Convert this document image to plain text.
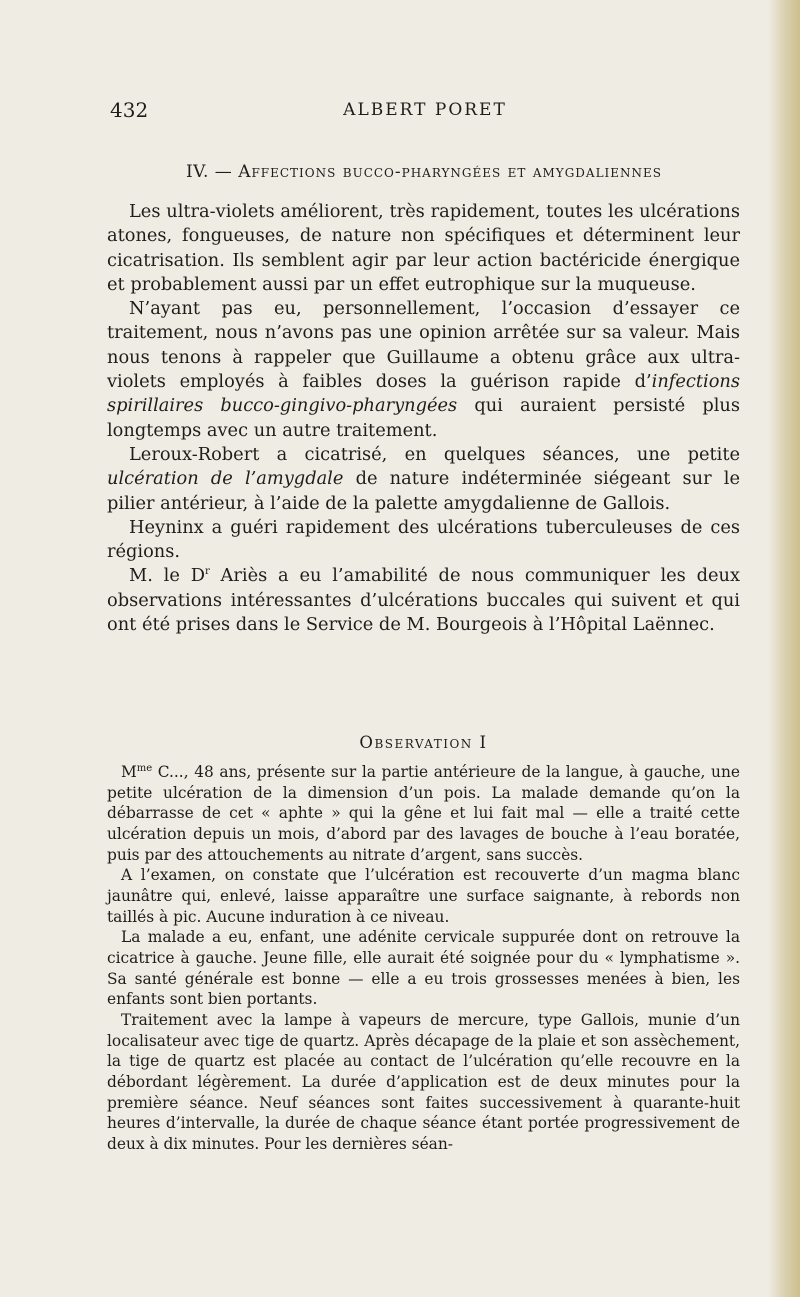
432	ALBERT PORET
IV. — Affections bucco-pharyngées et amygdaliennes

Les ultra-violets améliorent, très rapidement, toutes les ulcérations atones, fongueuses, de nature non spécifiques et déterminent leur cicatrisation. Ils semblent agir par leur action bactéricide énergique et probablement aussi par un effet eutrophique sur la muqueuse.

N’ayant pas eu, personnellement, l’occasion d’essayer ce traitement, nous n’avons pas une opinion arrêtée sur sa valeur. Mais nous tenons à rappeler que Guillaume a obtenu grâce aux ultra-violets employés à faibles doses la guérison rapide d’infections spirillaires bucco-gingivo-pharyngées qui auraient persisté plus longtemps avec un autre traitement.

Leroux-Robert a cicatrisé, en quelques séances, une petite ulcération de l’amygdale de nature indéterminée siégeant sur le pilier antérieur, à l’aide de la palette amygdalienne de Gallois.

Heyninx a guéri rapidement des ulcérations tuberculeuses de ces régions.

M. le $D^r$ Ariès a eu l’amabilité de nous communiquer les deux observations intéressantes d’ulcérations buccales qui suivent et qui ont été prises dans le Service de M. Bourgeois à l’Hôpital Laënnec.

Observation I

$M^{me}$ C..., 48 ans, présente sur la partie antérieure de la langue, à gauche, une petite ulcération de la dimension d’un pois. La malade demande qu’on la débarrasse de cet « aphte » qui la gêne et lui fait mal — elle a traité cette ulcération depuis un mois, d’abord par des lavages de bouche à l’eau boratée, puis par des attouchements au nitrate d’argent, sans succès.

A l’examen, on constate que l’ulcération est recouverte d’un magma blanc jaunâtre qui, enlevé, laisse apparaître une surface saignante, à rebords non taillés à pic. Aucune induration à ce niveau.

La malade a eu, enfant, une adénite cervicale suppurée dont on retrouve la cicatrice à gauche. Jeune fille, elle aurait été soignée pour du « lymphatisme ». Sa santé générale est bonne — elle a eu trois grossesses menées à bien, les enfants sont bien portants.

Traitement avec la lampe à vapeurs de mercure, type Gallois, munie d’un localisateur avec tige de quartz. Après décapage de la plaie et son assèchement, la tige de quartz est placée au contact de l’ulcération qu’elle recouvre en la débordant légèrement. La durée d’application est de deux minutes pour la première séance. Neuf séances sont faites successivement à quarante-huit heures d’intervalle, la durée de chaque séance étant portée progressivement de deux à dix minutes. Pour les dernières séan-
